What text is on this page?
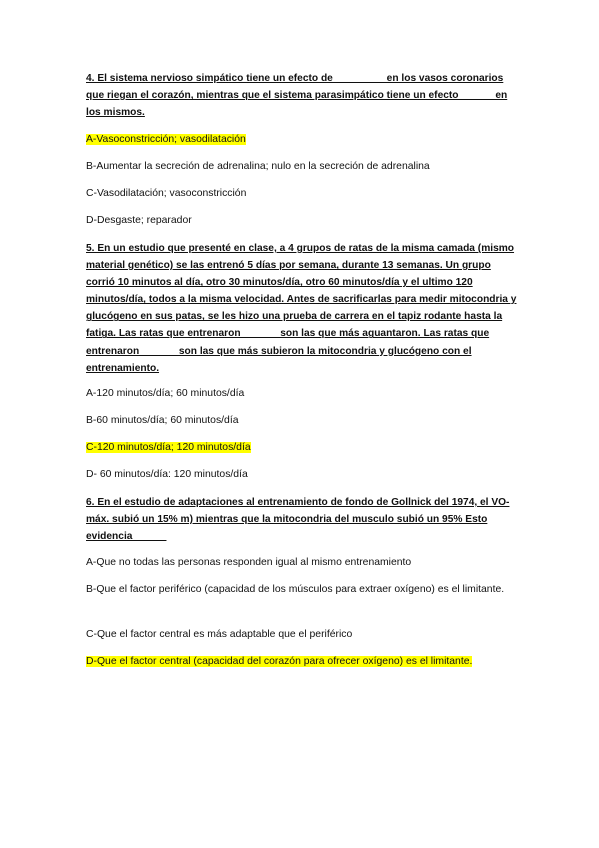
4. El sistema nervioso simpático tiene un efecto de _________en los vasos coronarios que riegan el corazón, mientras que el sistema parasimpático tiene un efecto______ en los mismos.
A-Vasoconstricción; vasodilatación
B-Aumentar la secreción de adrenalina; nulo en la secreción de adrenalina
C-Vasodilatación; vasoconstricción
D-Desgaste; reparador
5. En un estudio que presenté en clase, a 4 grupos de ratas de la misma camada (mismo material genético) se las entrenó 5 días por semana, durante 13 semanas. Un grupo corrió 10 minutos al día, otro 30 minutos/día, otro 60 minutos/día y el ultimo 120 minutos/día, todos a la misma velocidad. Antes de sacrificarlas para medir mitocondria y glucógeno en sus patas, se les hizo una prueba de carrera en el tapiz rodante hasta la fatiga. Las ratas que entrenaron_______son las que más aguantaron. Las ratas que entrenaron_______son las que más subieron la mitocondria y glucógeno con el entrenamiento.
A-120 minutos/día; 60 minutos/día
B-60 minutos/día; 60 minutos/día
C-120 minutos/día; 120 minutos/día
D- 60 minutos/día: 120 minutos/día
6. En el estudio de adaptaciones al entrenamiento de fondo de Gollnick del 1974, el VO-máx. subió un 15% m) mientras que la mitocondria del musculo subió un 95% Esto evidencia______
A-Que no todas las personas responden igual al mismo entrenamiento
B-Que el factor periférico (capacidad de los músculos para extraer oxígeno) es el limitante.
C-Que el factor central es más adaptable que el periférico
D-Que el factor central (capacidad del corazón para ofrecer oxígeno) es el limitante.
